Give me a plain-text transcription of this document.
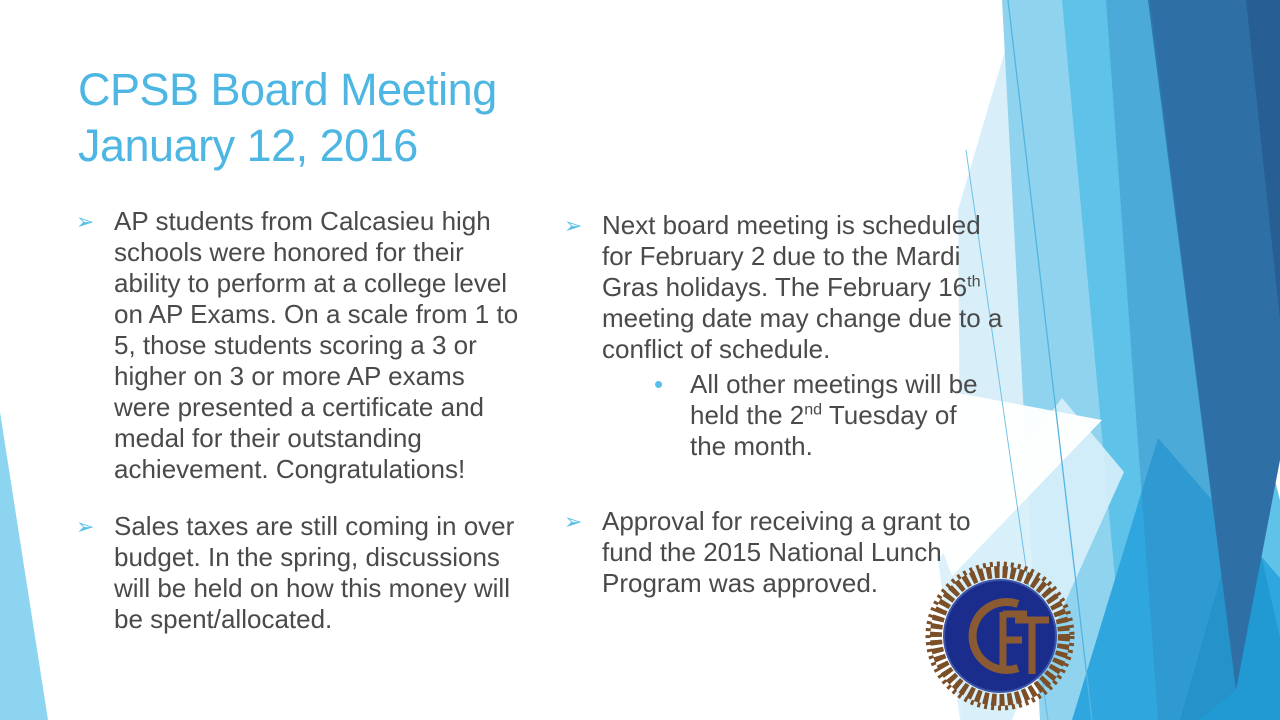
CPSB Board Meeting
January 12, 2016
➢ AP students from Calcasieu high schools were honored for their ability to perform at a college level on AP Exams. On a scale from 1 to 5, those students scoring a 3 or higher on 3 or more AP exams were presented a certificate and medal for their outstanding achievement. Congratulations!
➢ Sales taxes are still coming in over budget. In the spring, discussions will be held on how this money will be spent/allocated.
➢ Next board meeting is scheduled for February 2 due to the Mardi Gras holidays. The February 16th meeting date may change due to a conflict of schedule.
•	All other meetings will be held the 2nd Tuesday of the month.
➢ Approval for receiving a grant to fund the 2015 National Lunch Program was approved.
